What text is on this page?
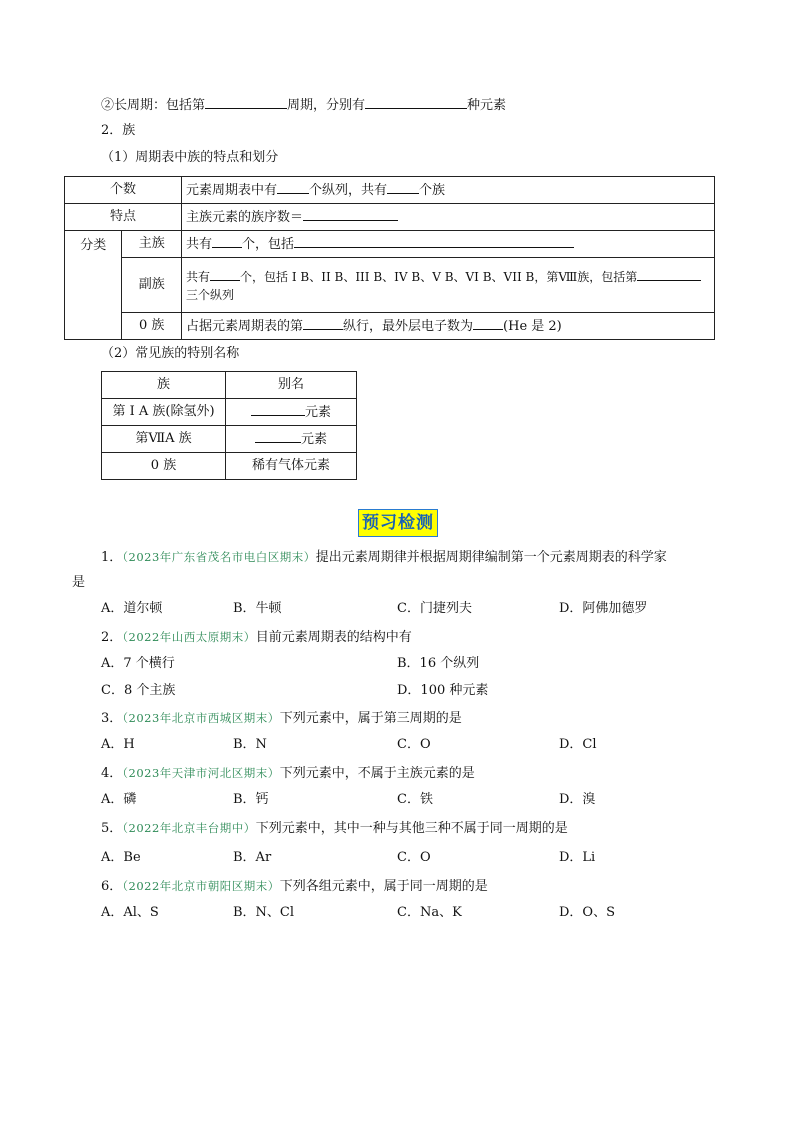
②长周期：包括第	周期，分别有	种元素
2．族
（1）周期表中族的特点和划分
个数		元素周期表中有 个纵列，共有 个族
特点		主族元素的族序数＝
分类	主族	共有 个，包括
	副族	共有 个，包括 I B、II B、III B、IV B、V B、VI B、VII B，第Ⅷ族，包括第
三个纵列
	0 族	占据元素周期表的第 纵行，最外层电子数为 (He 是 2)
（2）常见族的特别名称
族	别名
第 I A 族(除氢外)	元素
第ⅦA 族	元素
0 族	稀有气体元素
预习检测
1．（2023年广东省茂名市电白区期末）提出元素周期律并根据周期律编制第一个元素周期表的科学家
是
A．道尔顿	B．牛顿	C．门捷列夫	D．阿佛加德罗
2．（2022年山西太原期末）目前元素周期表的结构中有
A．7 个横行	B．16 个纵列
C．8 个主族	D．100 种元素
3．（2023年北京市西城区期末）下列元素中，属于第三周期的是
A．H	B．N	C．O	D．Cl
4．（2023年天津市河北区期末）下列元素中，不属于主族元素的是
A．磷	B．钙	C．铁	D．溴
5．（2022年北京丰台期中）下列元素中，其中一种与其他三种不属于同一周期的是
A．Be	B．Ar	C．O	D．Li
6．（2022年北京市朝阳区期末）下列各组元素中，属于同一周期的是
A．Al、S	B．N、Cl	C．Na、K	D．O、S
